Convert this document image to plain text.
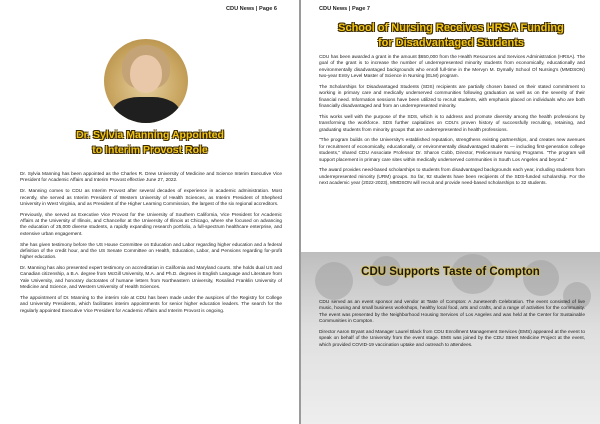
CDU News | Page 6
Dr. Sylvia Manning Appointed
to Interim Provost Role

Dr. Sylvia Manning has been appointed as the Charles R. Drew University of Medicine and Science Interim Executive Vice President for Academic Affairs and Interim Provost effective June 27, 2022.

Dr. Manning comes to CDU as Interim Provost after several decades of experience in academic administration. Most recently, she served as Interim President of Western University of Health Sciences, as Interim President of Shepherd University in West Virginia, and as President of the Higher Learning Commission, the largest of the six regional accreditors.

Previously, she served as Executive Vice Provost for the University of Southern California, Vice President for Academic Affairs at the University of Illinois, and Chancellor at the University of Illinois at Chicago, where she focused on advancing the education of 25,000 diverse students, a rapidly expanding research portfolio, a full-spectrum healthcare enterprise, and extensive urban engagement.

She has given testimony before the US House Committee on Education and Labor regarding higher education and a federal definition of the credit hour, and the US Senate Committee on Health, Education, Labor, and Pensions regarding for-profit higher education.

Dr. Manning has also presented expert testimony on accreditation in California and Maryland courts. She holds dual US and Canadian citizenship, a B.A. degree from McGill University, M.A. and Ph.D. degrees in English Language and Literature from Yale University, and honorary doctorates of humane letters from Northeastern University, Rosalind Franklin University of Medicine and Science, and Western University of Health Sciences.

The appointment of Dr. Manning to the interim role at CDU has been made under the auspices of the Registry for College and University Presidents, which facilitates interim appointments for senior higher education leaders. The search for the regularly appointed Executive Vice President for Academic Affairs and Interim Provost is ongoing.

CDU News | Page 7
School of Nursing Receives HRSA Funding
for Disadvantaged Students

CDU has been awarded a grant in the amount $650,000 from the Health Resources and Services Administration (HRSA). The goal of the grant is to increase the number of underrepresented minority students from economically, educationally and environmentally disadvantaged backgrounds who enroll full-time in the Mervyn M. Dymally School Of Nursing's (MMDSON) two-year Entry Level Master of Science in Nursing (ELM) program.

The Scholarships for Disadvantaged Students (SDS) recipients are partially chosen based on their stated commitment to working in primary care and medically underserved communities following graduation as well as on the severity of their financial need. Information sessions have been utilized to recruit students, with emphasis placed on individuals who are both financially disadvantaged and from an underrepresented minority.

This works well with the purpose of the SDS, which is to address and promote diversity among the health professions by transforming the workforce. SDS further capitalizes on CDU's proven history of successfully recruiting, retaining, and graduating students from minority groups that are underrepresented in health professions.

"The program builds on the University's established reputation, strengthens existing partnerships, and creates new avenues for recruitment of economically, educationally, or environmentally disadvantaged students — including first-generation college students," shared CDU Associate Professor Dr. Sharon Cobb, Director, Prelicensure Nursing Programs. "The program will support placement in primary care sites within medically underserved communities in South Los Angeles and beyond."

The award provides need-based scholarships to students from disadvantaged backgrounds each year, including students from underrepresented minority (URM) groups. So far, 92 students have been recipients of the SDS-funded scholarship. For the next academic year (2022-2023), MMDSON will recruit and provide need-based scholarships to 32 students.

CDU Supports Taste of Compton

CDU served as an event sponsor and vendor at Taste of Compton: A Juneteenth Celebration. The event consisted of live music, housing and small business workshops, healthy local food, arts and crafts, and a range of activities for the community. The event was presented by the Neighborhood Housing Services of Los Angeles and was held at the Center for Sustainable Communities in Compton.

Director Aaron Bryant and Manager Laurel Black from CDU Enrollment Management Services (EMS) appeared at the event to speak on behalf of the University from the event stage. EMS was joined by the CDU Street Medicine Project at the event, which provided COVID-19 vaccination uptake and outreach to attendees.
